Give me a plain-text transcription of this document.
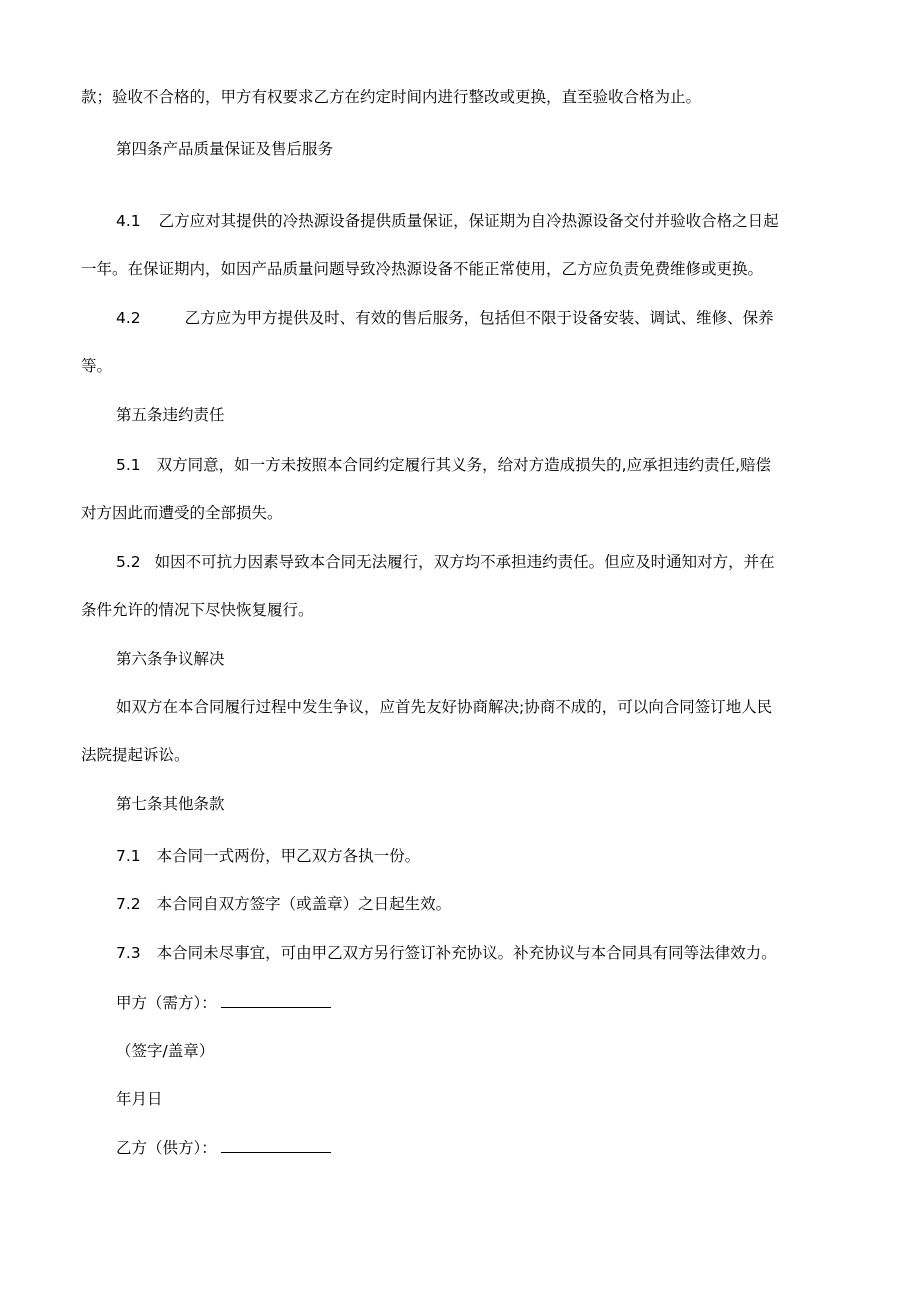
款；验收不合格的，甲方有权要求乙方在约定时间内进行整改或更换，直至验收合格为止。
第四条产品质量保证及售后服务
4.1 乙方应对其提供的冷热源设备提供质量保证，保证期为自冷热源设备交付并验收合格之日起
一年。在保证期内，如因产品质量问题导致冷热源设备不能正常使用，乙方应负责免费维修或更换。
4.2	乙方应为甲方提供及时、有效的售后服务，包括但不限于设备安装、调试、维修、保养
等。
第五条违约责任
5.1 双方同意，如一方未按照本合同约定履行其义务，给对方造成损失的,应承担违约责任,赔偿
对方因此而遭受的全部损失。
5.2 如因不可抗力因素导致本合同无法履行，双方均不承担违约责任。但应及时通知对方，并在
条件允许的情况下尽快恢复履行。
第六条争议解决
如双方在本合同履行过程中发生争议，应首先友好协商解决;协商不成的，可以向合同签订地人民
法院提起诉讼。
第七条其他条款
7.1 本合同一式两份，甲乙双方各执一份。
7.2 本合同自双方签字（或盖章）之日起生效。
7.3 本合同未尽事宜，可由甲乙双方另行签订补充协议。补充协议与本合同具有同等法律效力。
甲方（需方）：
（签字/盖章）
年月日
乙方（供方）：
